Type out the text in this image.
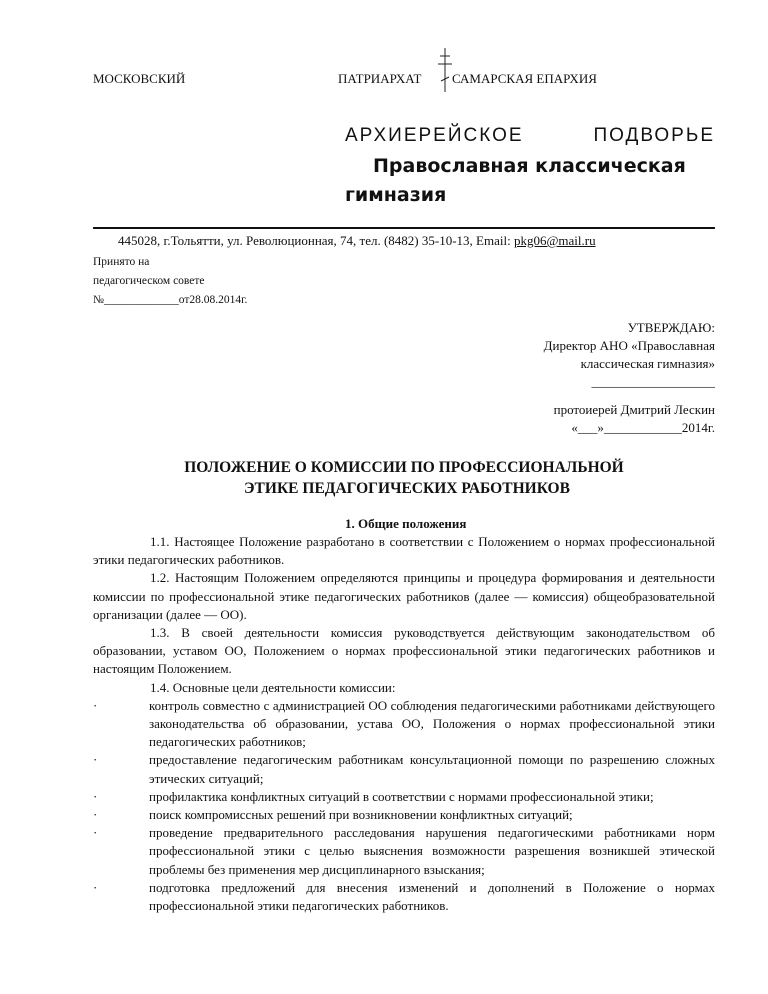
МОСКОВСКИЙ	ПАТРИАРХАТ САМАРСКАЯ ЕПАРХИЯ
АРХИЕРЕЙСКОЕ	ПОДВОРЬЕ
Православная классическая
гимназия
445028, г.Тольятти, ул. Революционная, 74, тел. (8482) 35-10-13, Email: pkg06@mail.ru
Принято на
педагогическом совете
№_____________от28.08.2014г.
УТВЕРЖДАЮ:
Директор АНО «Православная
классическая гимназия»
___________________
протоиерей Дмитрий Лескин
«___»____________2014г.
ПОЛОЖЕНИЕ О КОМИССИИ ПО ПРОФЕССИОНАЛЬНОЙ
ЭТИКЕ ПЕДАГОГИЧЕСКИХ РАБОТНИКОВ
1. Общие положения

1.1. Настоящее Положение разработано в соответствии с Положением о нормах профессиональной этики педагогических работников.

1.2. Настоящим Положением определяются принципы и процедура формирования и деятельности комиссии по профессиональной этике педагогических работников (далее — комиссия) общеобразовательной организации (далее — ОО).

1.3. В своей деятельности комиссия руководствуется действующим законодательством об образовании, уставом ОО, Положением о нормах профессиональной этики педагогических работников и настоящим Положением.

1.4. Основные цели деятельности комиссии:

·	контроль совместно с администрацией ОО соблюдения педагогическими работниками действующего законодательства об образовании, устава ОО, Положения о нормах профессиональной этики педагогических работников;
·	предоставление педагогическим работникам консультационной помощи по разрешению сложных этических ситуаций;
·	профилактика конфликтных ситуаций в соответствии с нормами профессиональной этики;
·	поиск компромиссных решений при возникновении конфликтных ситуаций;
·	проведение предварительного расследования нарушения педагогическими работниками норм профессиональной этики с целью выяснения возможности разрешения возникшей этической проблемы без применения мер дисциплинарного взыскания;
·	подготовка предложений для внесения изменений и дополнений в Положение о нормах профессиональной этики педагогических работников.
